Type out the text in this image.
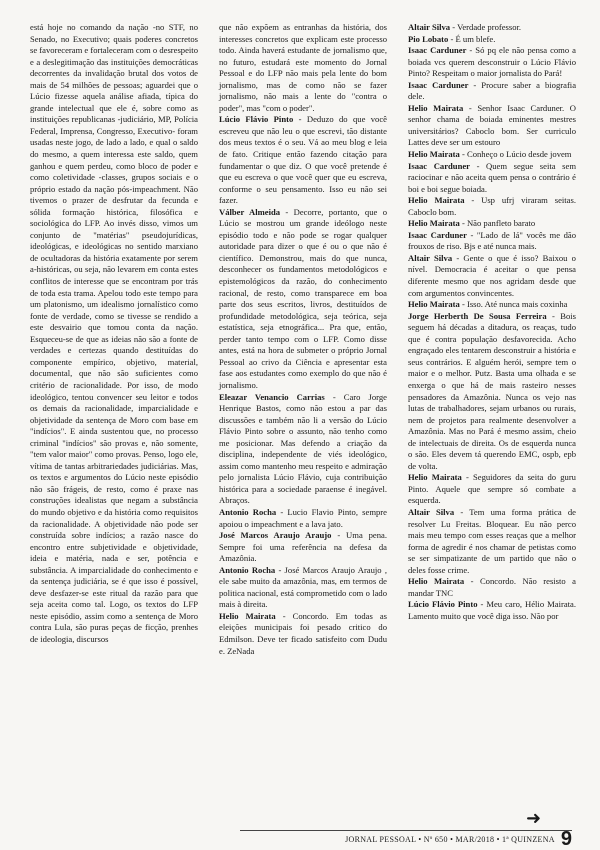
está hoje no comando da nação -no STF, no Senado, no Executivo; quais poderes concretos se favoreceram e fortaleceram com o desrespeito e a deslegitimação das instituições democráticas decorrentes da invalidação brutal dos votos de mais de 54 milhões de pessoas; aguardei que o Lúcio fizesse aquela análise afiada, típica do grande intelectual que ele é, sobre como as instituições republicanas -judiciário, MP, Polícia Federal, Imprensa, Congresso, Executivo- foram usadas neste jogo, de lado a lado, e qual o saldo do mesmo, a quem interessa este saldo, quem ganhou e quem perdeu, como bloco de poder e como coletividade -classes, grupos sociais e o próprio estado da nação pós-impeachment. Não tivemos o prazer de desfrutar da fecunda e sólida formação histórica, filosófica e sociológica do LFP. Ao invés disso, vimos um conjunto de "matérias" pseudojurídicas, ideológicas, e ideológicas no sentido marxiano de ocultadoras da história exatamente por serem a-históricas, ou seja, não levarem em conta estes conflitos de interesse que se encontram por trás de toda esta trama. Apelou todo este tempo para um platonismo, um idealismo jornalístico como fonte de verdade, como se tivesse se rendido a este desvairio que tomou conta da nação. Esqueceu-se de que as ideias não são a fonte de verdades e certezas quando destituídas do componente empírico, objetivo, material, documental, que não são suficientes como critério de racionalidade. Por isso, de modo ideológico, tentou convencer seu leitor e todos os demais da racionalidade, imparcialidade e objetividade da sentença de Moro com base em "indícios". E ainda sustentou que, no processo criminal "indícios" são provas e, não somente, "tem valor maior" como provas. Penso, logo ele, vítima de tantas arbitrariedades judiciárias. Mas, os textos e argumentos do Lúcio neste episódio não são frágeis, de resto, como é praxe nas construções idealistas que negam a substância do mundo objetivo e da história como requisitos da racionalidade. A objetividade não pode ser construída sobre indícios; a razão nasce do encontro entre subjetividade e objetividade, ideia e matéria, nada e ser, potência e substância. A imparcialidade do conhecimento e da sentença judiciária, se é que isso é possível, deve desfazer-se este ritual da razão para que seja aceita como tal. Logo, os textos do LFP neste episódio, assim como a sentença de Moro contra Lula, são puras peças de ficção, prenhes de ideologia, discursos

que não expõem as entranhas da história, dos interesses concretos que explicam este processo todo. Ainda haverá estudante de jornalismo que, no futuro, estudará este momento do Jornal Pessoal e do LFP não mais pela lente do bom jornalismo, mas de como não se fazer jornalismo, não mais a lente do "contra o poder", mas "com o poder".

Lúcio Flávio Pinto - Deduzo do que você escreveu que não leu o que escrevi, tão distante dos meus textos é o seu. Vá ao meu blog e leia de fato. Critique então fazendo citação para fundamentar o que diz. O que você pretende é que eu escreva o que você quer que eu escreva, conforme o seu pensamento. Isso eu não sei fazer.

Válber Almeida - Decorre, portanto, que o Lúcio se mostrou um grande ideólogo neste episódio todo e não pode se rogar qualquer autoridade para dizer o que é ou o que não é científico. Demonstrou, mais do que nunca, desconhecer os fundamentos metodológicos e epistemológicos da razão, do conhecimento racional, de resto, como transparece em boa parte dos seus escritos, livros, destituídos de profundidade metodológica, seja teórica, seja estatística, seja etnográfica... Pra que, então, perder tanto tempo com o LFP. Como disse antes, está na hora de submeter o próprio Jornal Pessoal ao crivo da Ciência e apresentar esta fase aos estudantes como exemplo do que não é jornalismo.

Eleazar Venancio Carrias - Caro Jorge Henrique Bastos, como não estou a par das discussões e também não li a versão do Lúcio Flávio Pinto sobre o assunto, não tenho como me posicionar. Mas defendo a criação da disciplina, independente de viés ideológico, assim como mantenho meu respeito e admiração pelo jornalista Lúcio Flávio, cuja contribuição histórica para a sociedade paraense é inegável. Abraços.

Antonio Rocha - Lucio Flavio Pinto, sempre apoiou o impeachment e a lava jato.

José Marcos Araujo Araujo - Uma pena. Sempre foi uma referência na defesa da Amazônia.

Antonio Rocha - José Marcos Araujo Araujo , ele sabe muito da amazônia, mas, em termos de politica nacional, está comprometido com o lado mais à direita.

Helio Mairata - Concordo. Em todas as eleições municipais foi pesado critico do Edmilson. Deve ter ficado satisfeito com Dudu e. ZeNada

Altair Silva - Verdade professor.

Pio Lobato - É um blefe.

Isaac Carduner - Só pq ele não pensa como a boiada vcs querem desconstruir o Lúcio Flávio Pinto? Respeitam o maior jornalista do Pará!

Isaac Carduner - Procure saber a biografia dele.

Helio Mairata - Senhor Isaac Carduner. O senhor chama de boiada eminentes mestres universitários? Caboclo bom. Ser curriculo Lattes deve ser um estouro

Helio Mairata - Conheço o Lúcio desde jovem

Isaac Carduner - Quem segue seita sem raciocinar e não aceita quem pensa o contrário é boi e boi segue boiada.

Helio Mairata - Usp ufrj viraram seitas. Caboclo bom.

Helio Mairata - Não panfleto barato

Isaac Carduner - "Lado de lá" vocês me dão frouxos de riso. Bjs e até nunca mais.

Altair Silva - Gente o que é isso? Baixou o nível. Democracia é aceitar o que pensa diferente mesmo que nos agridam desde que com argumentos convincentes.

Helio Mairata - Isso. Até nunca mais coxinha

Jorge Herberth De Sousa Ferreira - Bois seguem há décadas a ditadura, os reaças, tudo que é contra população desfavorecida. Acho engraçado eles tentarem desconstruir a história e seus contrários. E alguém herói, sempre tem o maior e o melhor. Putz. Basta uma olhada e se enxerga o que há de mais rasteiro nesses pensadores da Amazônia. Nunca os vejo nas lutas de trabalhadores, sejam urbanos ou rurais, nem de projetos para realmente desenvolver a Amazônia. Mas no Pará é mesmo assim, cheio de intelectuais de direita. Os de esquerda nunca o são. Eles devem tá querendo EMC, ospb, epb de volta.

Helio Mairata - Seguidores da seita do guru Pinto. Aquele que sempre só combate a esquerda.

Altair Silva - Tem uma forma prática de resolver Lu Freitas. Bloquear. Eu não perco mais meu tempo com esses reaças que a melhor forma de agredir é nos chamar de petistas como se ser simpatizante de um partido que não o deles fosse crime.

Helio Mairata - Concordo. Não resisto a mandar TNC

Lúcio Flávio Pinto - Meu caro, Hélio Mairata. Lamento muito que você diga isso. Não por

➜
JORNAL PESSOAL • Nº 650 • MAR/2018 • 1ª QUINZENA 9
